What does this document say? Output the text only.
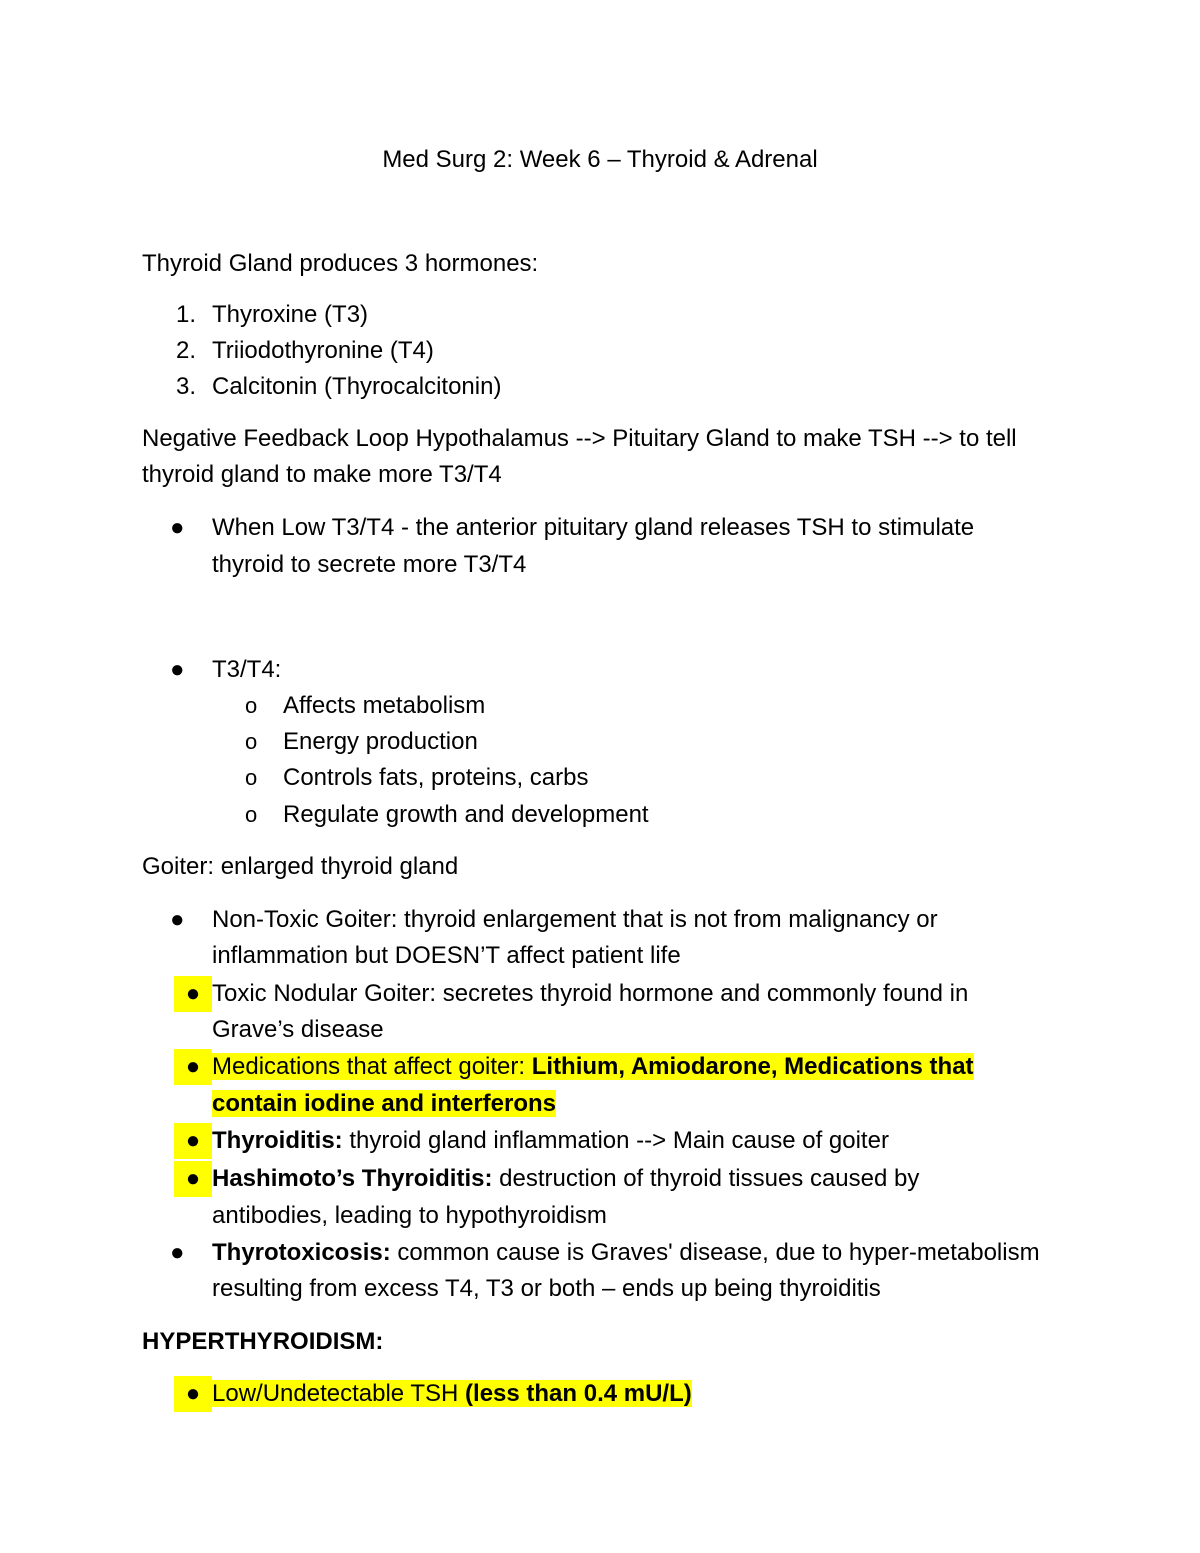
Med Surg 2: Week 6 – Thyroid & Adrenal
Thyroid Gland produces 3 hormones:
1. Thyroxine (T3)
2. Triiodothyronine (T4)
3. Calcitonin (Thyrocalcitonin)
Negative Feedback Loop Hypothalamus --> Pituitary Gland to make TSH --> to tell
thyroid gland to make more T3/T4
●	When Low T3/T4 - the anterior pituitary gland releases TSH to stimulate
thyroid to secrete more T3/T4
●	T3/T4:
o	Affects metabolism
o	Energy production
o	Controls fats, proteins, carbs
o	Regulate growth and development
Goiter: enlarged thyroid gland
●	Non-Toxic Goiter: thyroid enlargement that is not from malignancy or
inflammation but DOESN’T affect patient life
● Toxic Nodular Goiter: secretes thyroid hormone and commonly found in
Grave’s disease
● Medications that affect goiter: Lithium, Amiodarone, Medications that
contain iodine and interferons
● Thyroiditis: thyroid gland inflammation --> Main cause of goiter
● Hashimoto’s Thyroiditis: destruction of thyroid tissues caused by
antibodies, leading to hypothyroidism
●	Thyrotoxicosis: common cause is Graves' disease, due to hyper-metabolism
resulting from excess T4, T3 or both – ends up being thyroiditis
HYPERTHYROIDISM:
● Low/Undetectable TSH (less than 0.4 mU/L)
